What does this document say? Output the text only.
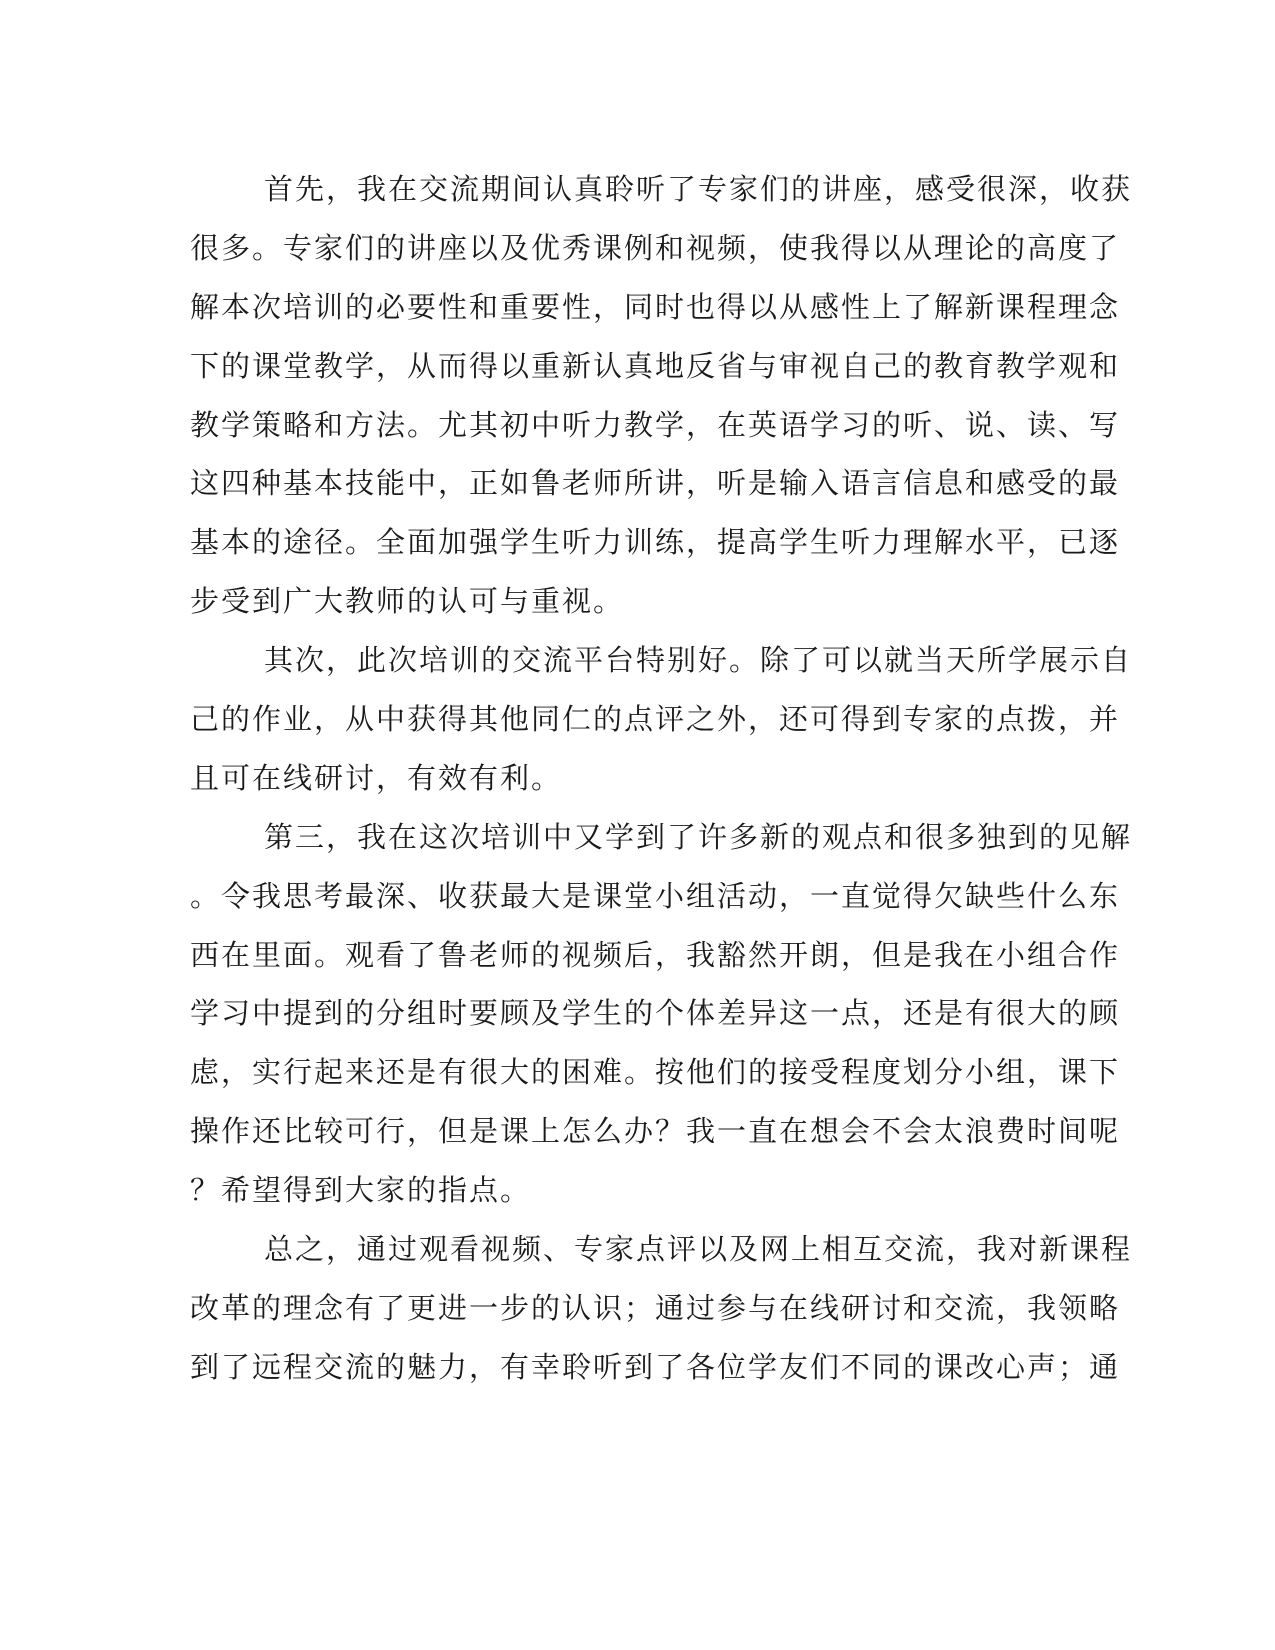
首先，我在交流期间认真聆听了专家们的讲座，感受很深，收获
很多。专家们的讲座以及优秀课例和视频，使我得以从理论的高度了
解本次培训的必要性和重要性，同时也得以从感性上了解新课程理念
下的课堂教学，从而得以重新认真地反省与审视自己的教育教学观和
教学策略和方法。尤其初中听力教学，在英语学习的听、说、读、写
这四种基本技能中，正如鲁老师所讲，听是输入语言信息和感受的最
基本的途径。全面加强学生听力训练，提高学生听力理解水平，已逐
步受到广大教师的认可与重视。
其次，此次培训的交流平台特别好。除了可以就当天所学展示自
己的作业，从中获得其他同仁的点评之外，还可得到专家的点拨，并
且可在线研讨，有效有利。
第三，我在这次培训中又学到了许多新的观点和很多独到的见解
。令我思考最深、收获最大是课堂小组活动，一直觉得欠缺些什么东
西在里面。观看了鲁老师的视频后，我豁然开朗，但是我在小组合作
学习中提到的分组时要顾及学生的个体差异这一点，还是有很大的顾
虑，实行起来还是有很大的困难。按他们的接受程度划分小组，课下
操作还比较可行，但是课上怎么办？我一直在想会不会太浪费时间呢
？希望得到大家的指点。
总之，通过观看视频、专家点评以及网上相互交流，我对新课程
改革的理念有了更进一步的认识；通过参与在线研讨和交流，我领略
到了远程交流的魅力，有幸聆听到了各位学友们不同的课改心声；通
